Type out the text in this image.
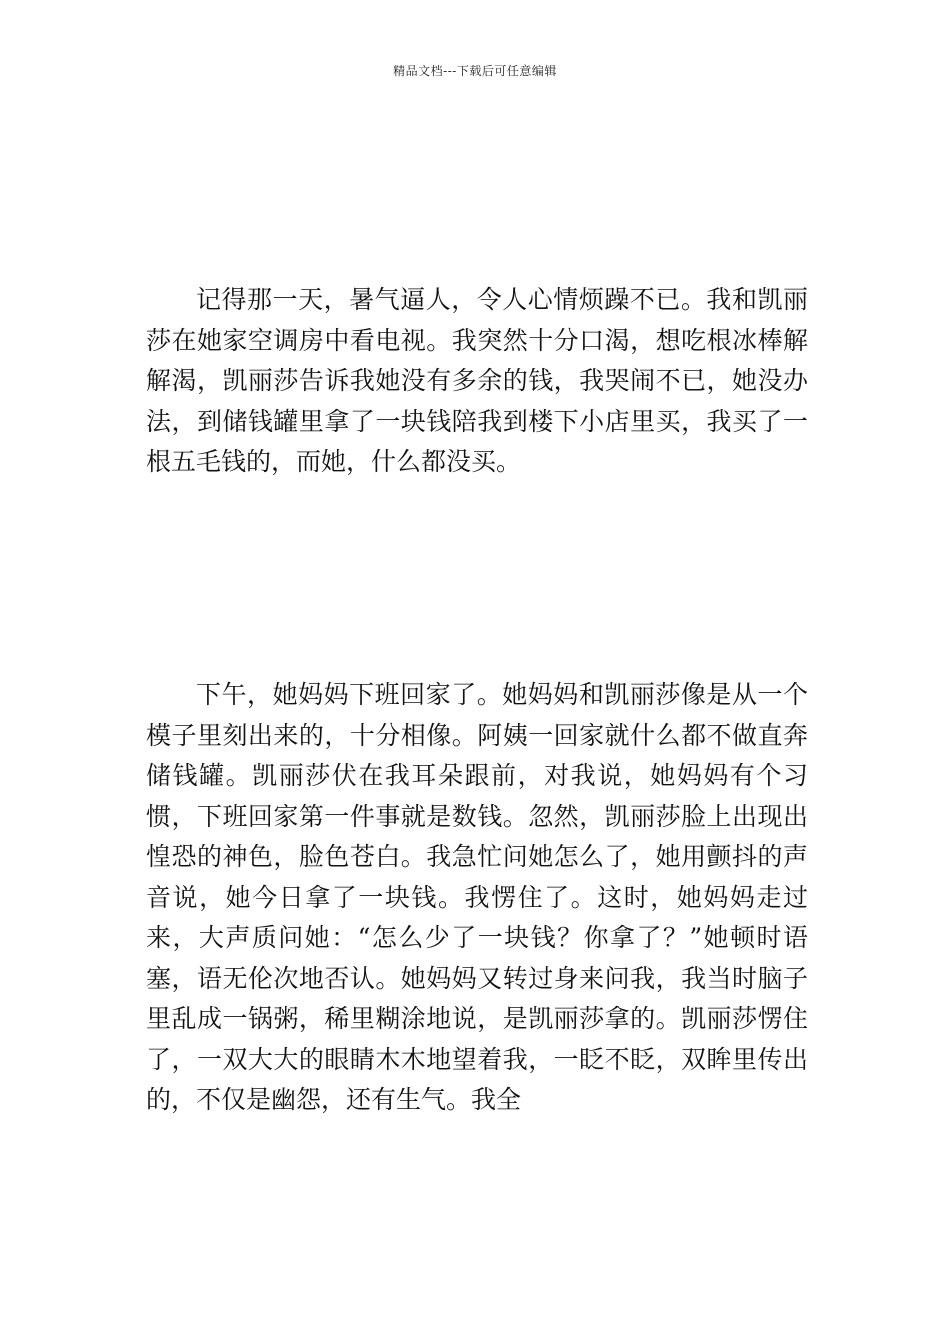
精品文档---下载后可任意编辑

记得那一天，暑气逼人，令人心情烦躁不已。我和凯丽莎在她家空调房中看电视。我突然十分口渴，想吃根冰棒解解渴，凯丽莎告诉我她没有多余的钱，我哭闹不已，她没办法，到储钱罐里拿了一块钱陪我到楼下小店里买，我买了一根五毛钱的，而她，什么都没买。

下午，她妈妈下班回家了。她妈妈和凯丽莎像是从一个模子里刻出来的，十分相像。阿姨一回家就什么都不做直奔储钱罐。凯丽莎伏在我耳朵跟前，对我说，她妈妈有个习惯，下班回家第一件事就是数钱。忽然，凯丽莎脸上出现出惶恐的神色，脸色苍白。我急忙问她怎么了，她用颤抖的声音说，她今日拿了一块钱。我愣住了。这时，她妈妈走过来，大声质问她：“怎么少了一块钱？你拿了？”她顿时语塞，语无伦次地否认。她妈妈又转过身来问我，我当时脑子里乱成一锅粥，稀里糊涂地说，是凯丽莎拿的。凯丽莎愣住了，一双大大的眼睛木木地望着我，一眨不眨，双眸里传出的，不仅是幽怨，还有生气。我全
